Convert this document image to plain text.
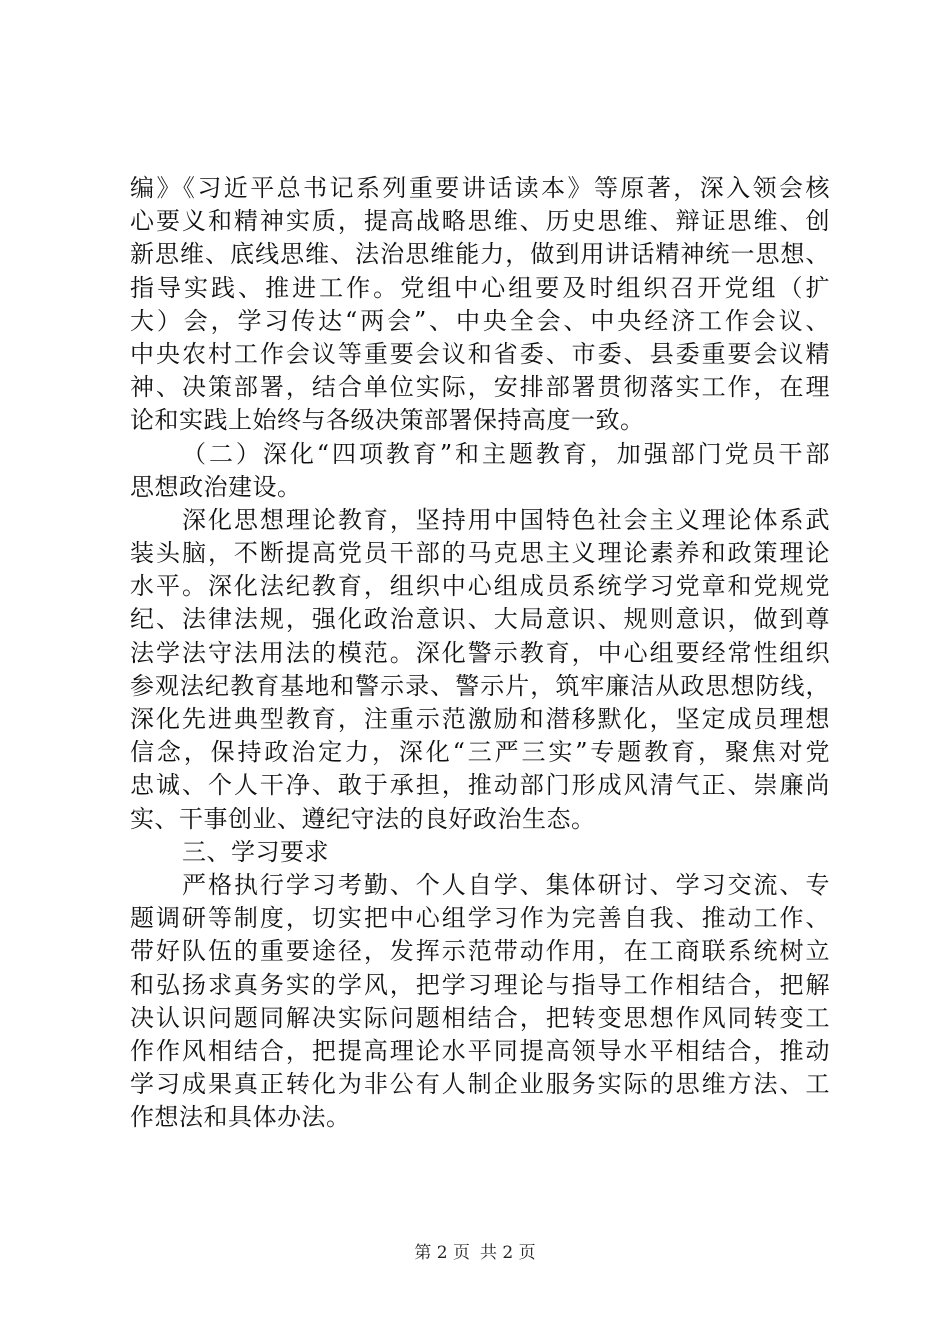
编》《习近平总书记系列重要讲话读本》等原著，深入领会核
心要义和精神实质，提高战略思维、历史思维、辩证思维、创
新思维、底线思维、法治思维能力，做到用讲话精神统一思想、
指导实践、推进工作。党组中心组要及时组织召开党组（扩
大）会，学习传达“两会”、中央全会、中央经济工作会议、
中央农村工作会议等重要会议和省委、市委、县委重要会议精
神、决策部署，结合单位实际，安排部署贯彻落实工作，在理
论和实践上始终与各级决策部署保持高度一致。
（二）深化“四项教育”和主题教育，加强部门党员干部
思想政治建设。
深化思想理论教育，坚持用中国特色社会主义理论体系武
装头脑，不断提高党员干部的马克思主义理论素养和政策理论
水平。深化法纪教育，组织中心组成员系统学习党章和党规党
纪、法律法规，强化政治意识、大局意识、规则意识，做到尊
法学法守法用法的模范。深化警示教育，中心组要经常性组织
参观法纪教育基地和警示录、警示片，筑牢廉洁从政思想防线，
深化先进典型教育，注重示范激励和潜移默化，坚定成员理想
信念，保持政治定力，深化“三严三实”专题教育，聚焦对党
忠诚、个人干净、敢于承担，推动部门形成风清气正、崇廉尚
实、干事创业、遵纪守法的良好政治生态。
三、学习要求
严格执行学习考勤、个人自学、集体研讨、学习交流、专
题调研等制度，切实把中心组学习作为完善自我、推动工作、
带好队伍的重要途径，发挥示范带动作用，在工商联系统树立
和弘扬求真务实的学风，把学习理论与指导工作相结合，把解
决认识问题同解决实际问题相结合，把转变思想作风同转变工
作作风相结合，把提高理论水平同提高领导水平相结合，推动
学习成果真正转化为非公有人制企业服务实际的思维方法、工
作想法和具体办法。
第 2 页 共 2 页
